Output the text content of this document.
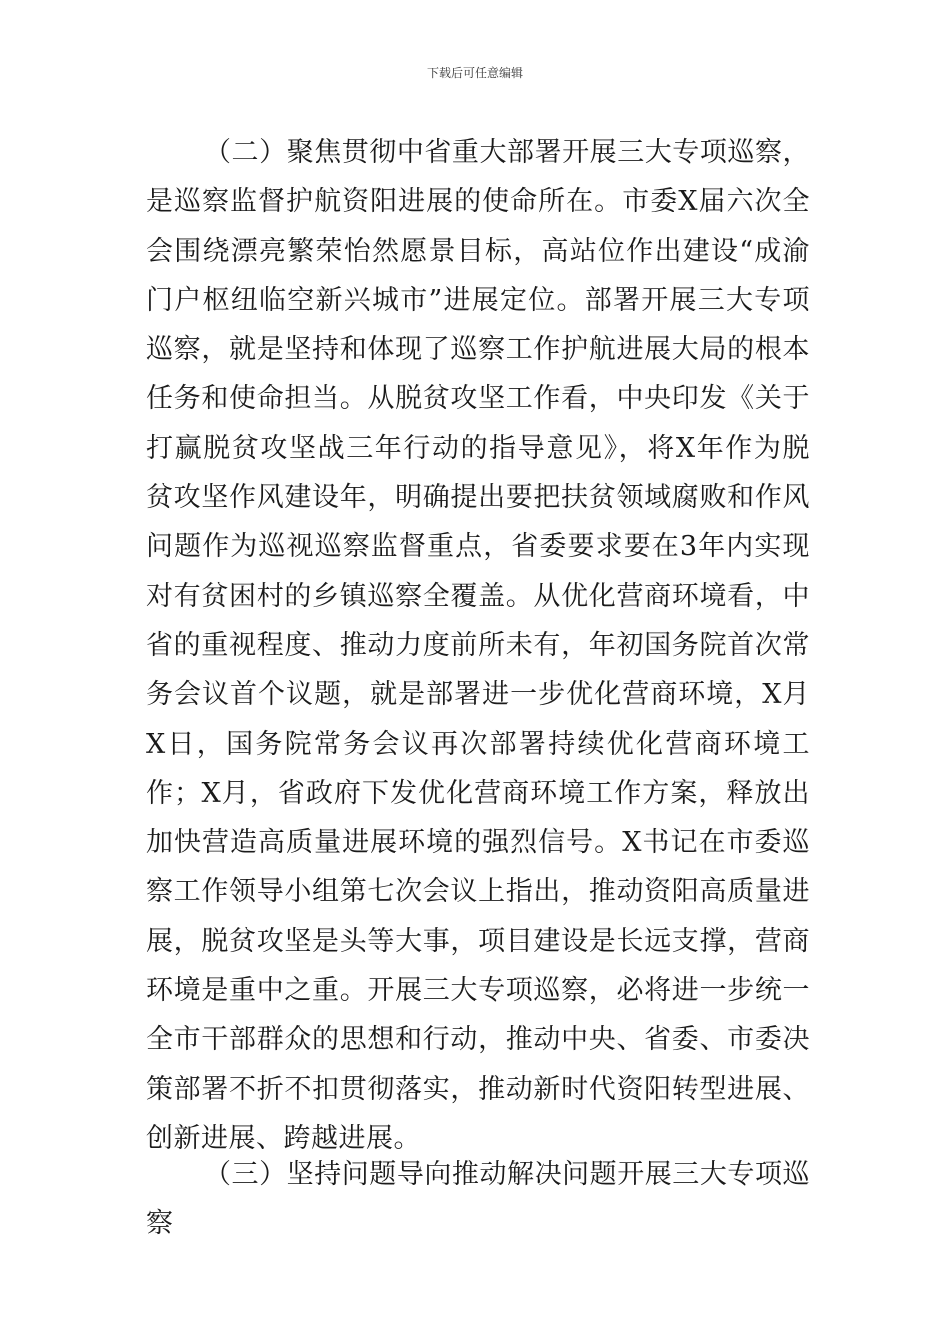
下载后可任意编辑

（二）聚焦贯彻中省重大部署开展三大专项巡察，是巡察监督护航资阳进展的使命所在。市委X届六次全会围绕漂亮繁荣怡然愿景目标，高站位作出建设“成渝门户枢纽临空新兴城市”进展定位。部署开展三大专项巡察，就是坚持和体现了巡察工作护航进展大局的根本任务和使命担当。从脱贫攻坚工作看，中央印发《关于打赢脱贫攻坚战三年行动的指导意见》，将X年作为脱贫攻坚作风建设年，明确提出要把扶贫领域腐败和作风问题作为巡视巡察监督重点，省委要求要在3年内实现对有贫困村的乡镇巡察全覆盖。从优化营商环境看，中省的重视程度、推动力度前所未有，年初国务院首次常务会议首个议题，就是部署进一步优化营商环境，X月X日，国务院常务会议再次部署持续优化营商环境工作；X月，省政府下发优化营商环境工作方案，释放出加快营造高质量进展环境的强烈信号。X书记在市委巡察工作领导小组第七次会议上指出，推动资阳高质量进展，脱贫攻坚是头等大事，项目建设是长远支撑，营商环境是重中之重。开展三大专项巡察，必将进一步统一全市干部群众的思想和行动，推动中央、省委、市委决策部署不折不扣贯彻落实，推动新时代资阳转型进展、创新进展、跨越进展。

（三）坚持问题导向推动解决问题开展三大专项巡察
